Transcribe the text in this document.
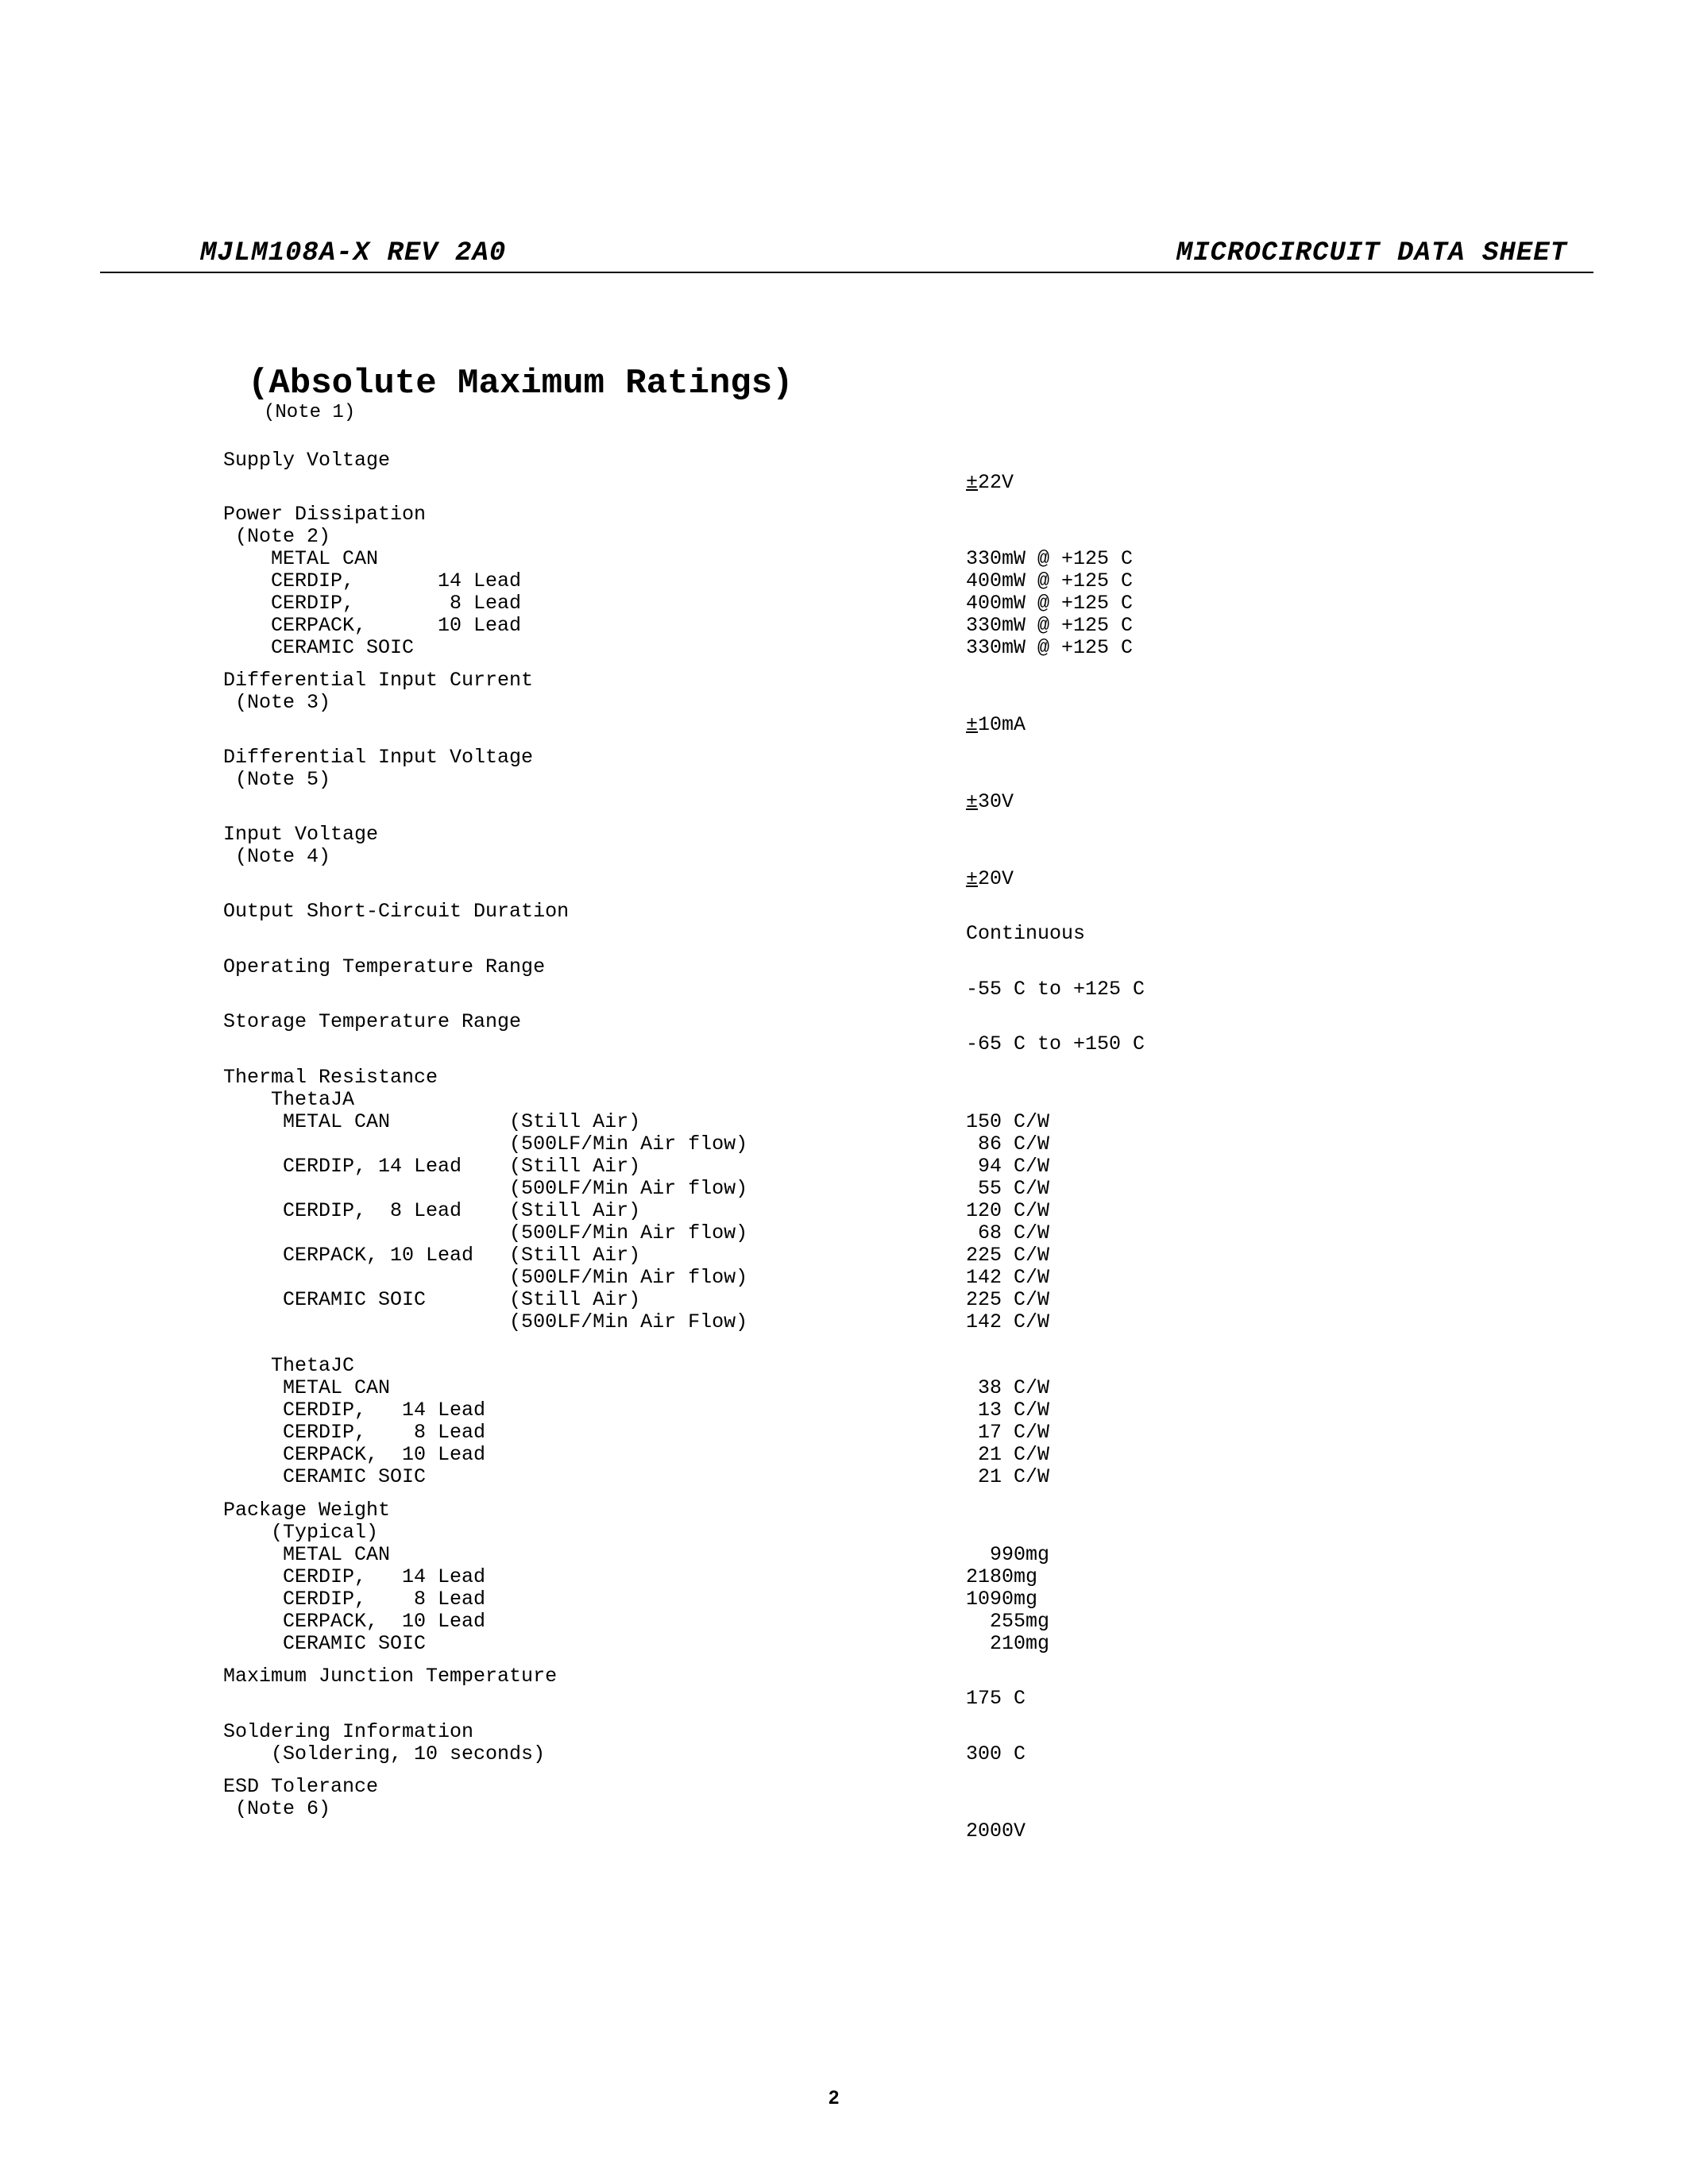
MJLM108A-X REV 2A0	MICROCIRCUIT DATA SHEET
(Absolute Maximum Ratings)
(Note 1)
Supply Voltage
Power Dissipation
(Note 2)
METAL CAN
CERDIP,       14 Lead
CERDIP,        8 Lead
CERPACK,      10 Lead
CERAMIC SOIC
Differential Input Current
(Note 3)
Differential Input Voltage
(Note 5)
Input Voltage
(Note 4)
Output Short-Circuit Duration
Operating Temperature Range
Storage Temperature Range
Thermal Resistance
ThetaJA
METAL CAN          (Still Air)
(500LF/Min Air flow)
CERDIP, 14 Lead    (Still Air)
(500LF/Min Air flow)
CERDIP,  8 Lead    (Still Air)
(500LF/Min Air flow)
CERPACK, 10 Lead   (Still Air)
(500LF/Min Air flow)
CERAMIC SOIC       (Still Air)
(500LF/Min Air Flow)
ThetaJC
METAL CAN
CERDIP,   14 Lead
CERDIP,    8 Lead
CERPACK,  10 Lead
CERAMIC SOIC
Package Weight
(Typical)
METAL CAN
CERDIP,   14 Lead
CERDIP,    8 Lead
CERPACK,  10 Lead
CERAMIC SOIC
Maximum Junction Temperature
Soldering Information
(Soldering, 10 seconds)
ESD Tolerance
(Note 6)
±22V
330mW @ +125 C
400mW @ +125 C
400mW @ +125 C
330mW @ +125 C
330mW @ +125 C
±10mA
±30V
±20V
Continuous
-55 C to +125 C
-65 C to +150 C
150 C/W
86 C/W
94 C/W
55 C/W
120 C/W
68 C/W
225 C/W
142 C/W
225 C/W
142 C/W
38 C/W
13 C/W
17 C/W
21 C/W
21 C/W
990mg
2180mg
1090mg
255mg
210mg
175 C
300 C
2000V
2
